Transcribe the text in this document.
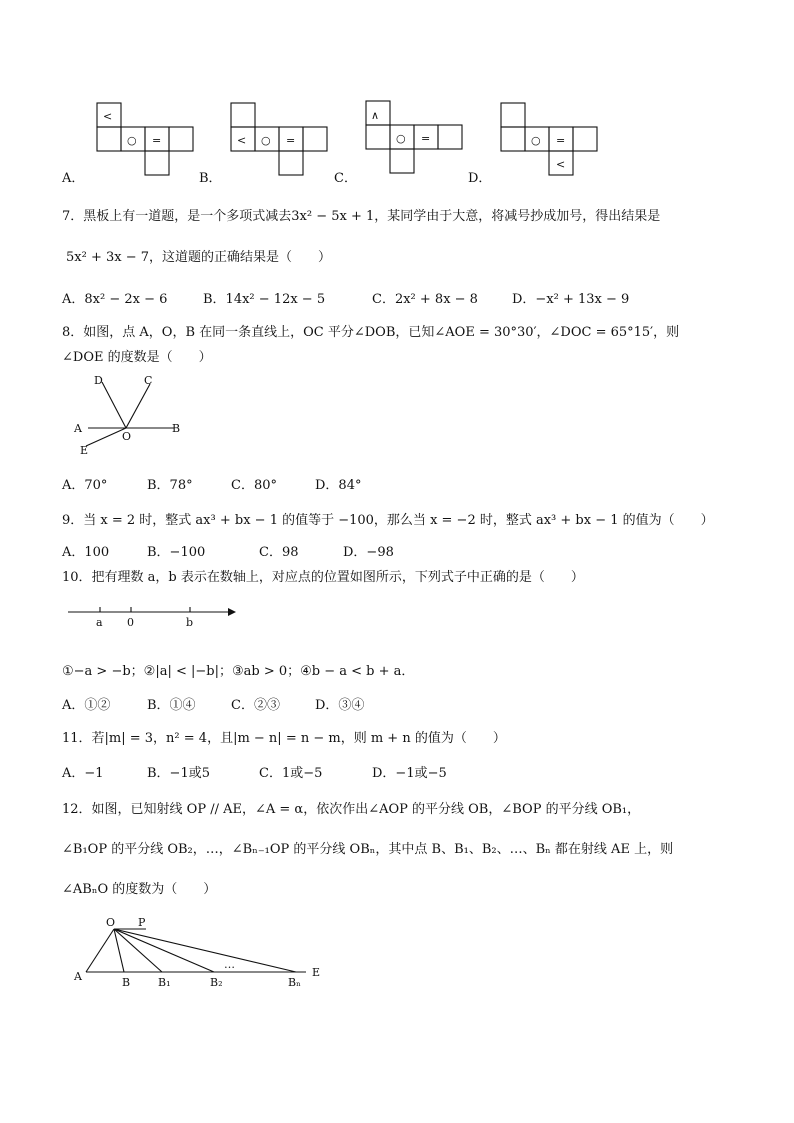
A．
<
○ =
B．
< ○ =
C．
∧
○ =
D．
○ =
<
7．黑板上有一道题，是一个多项式减去3x² − 5x + 1，某同学由于大意，将减号抄成加号，得出结果是
5x² + 3x − 7，这道题的正确结果是（　　）
A．8x² − 2x − 6	B．14x² − 12x − 5	C．2x² + 8x − 8	D．−x² + 13x − 9
8．如图，点 A，O，B 在同一条直线上，OC 平分∠DOB，已知∠AOE = 30°30′，∠DOC = 65°15′，则
∠DOE 的度数是（　　）
D	C
A
O
B
E
A．70°	B．78°	C．80°	D．84°
9．当 x = 2 时，整式 ax³ + bx − 1 的值等于 −100，那么当 x = −2 时，整式 ax³ + bx − 1 的值为（　　）
A．100	B．−100	C．98	D．−98
10．把有理数 a，b 表示在数轴上，对应点的位置如图所示，下列式子中正确的是（　　）
a 0	b
①−a > −b；②|a| < |−b|；③ab > 0；④b − a < b + a．
A．①②	B．①④	C．②③	D．③④
11．若|m| = 3，n² = 4，且|m − n| = n − m，则 m + n 的值为（　　）
A．−1	B．−1或5	C．1或−5	D．−1或−5
12．如图，已知射线 OP // AE，∠A = α，依次作出∠AOP 的平分线 OB，∠BOP 的平分线 OB₁，
∠B₁OP 的平分线 OB₂，…，∠Bₙ₋₁OP 的平分线 OBₙ，其中点 B、B₁、B₂、…、Bₙ 都在射线 AE 上，则
∠ABₙO 的度数为（　　）
O P
A	B	B₁	B₂
…
Bₙ
E
